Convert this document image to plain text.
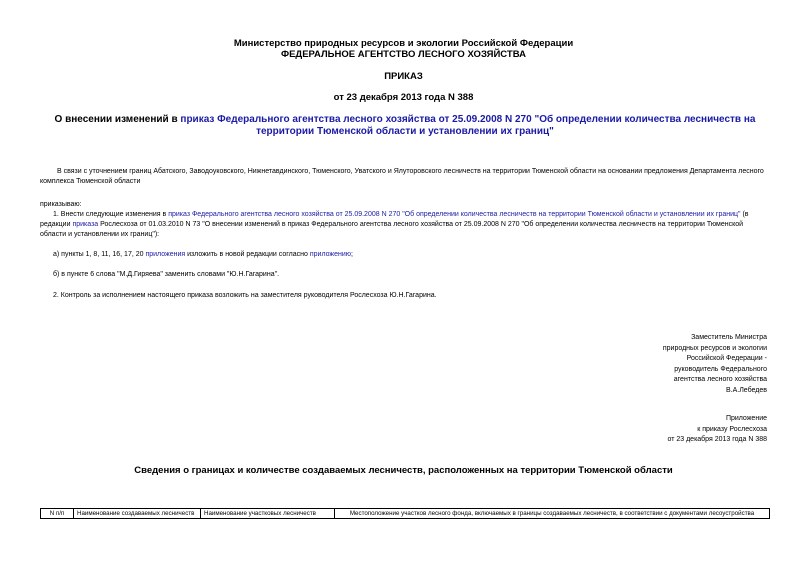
Министерство природных ресурсов и экологии Российской Федерации
ФЕДЕРАЛЬНОЕ АГЕНТСТВО ЛЕСНОГО ХОЗЯЙСТВА
ПРИКАЗ
от 23 декабря 2013 года N 388
О внесении изменений в приказ Федерального агентства лесного хозяйства от 25.09.2008 N 270 "Об определении количества лесничеств на территории Тюменской области и установлении их границ"
В связи с уточнением границ Абатского, Заводоуковского, Нижнетавдинского, Тюменского, Уватского и Ялуторовского лесничеств на территории Тюменской области на основании предложения Департамента лесного комплекса Тюменской области
приказываю:
1. Внести следующие изменения в приказ Федерального агентства лесного хозяйства от 25.09.2008 N 270 "Об определении количества лесничеств на территории Тюменской области и установлении их границ" (в редакции приказа Рослесхоза от 01.03.2010 N 73 "О внесении изменений в приказ Федерального агентства лесного хозяйства от 25.09.2008 N 270 "Об определении количества лесничеств на территории Тюменской области и установлении их границ"):
а) пункты 1, 8, 11, 16, 17, 20 приложения изложить в новой редакции согласно приложению;
б) в пункте 6 слова "М.Д.Гиряева" заменить словами "Ю.Н.Гагарина".
2. Контроль за исполнением настоящего приказа возложить на заместителя руководителя Рослесхоза Ю.Н.Гагарина.
Заместитель Министра
природных ресурсов и экологии
Российской Федерации -
руководитель Федерального
агентства лесного хозяйства
В.А.Лебедев
Приложение
к приказу Рослесхоза
от 23 декабря 2013 года N 388
Сведения о границах и количестве создаваемых лесничеств, расположенных на территории Тюменской области
N п/п	Наименование создаваемых лесничеств	Наименование участковых лесничеств	Местоположение участков лесного фонда, включаемых в границы создаваемых лесничеств, в соответствии с документами лесоустройства
